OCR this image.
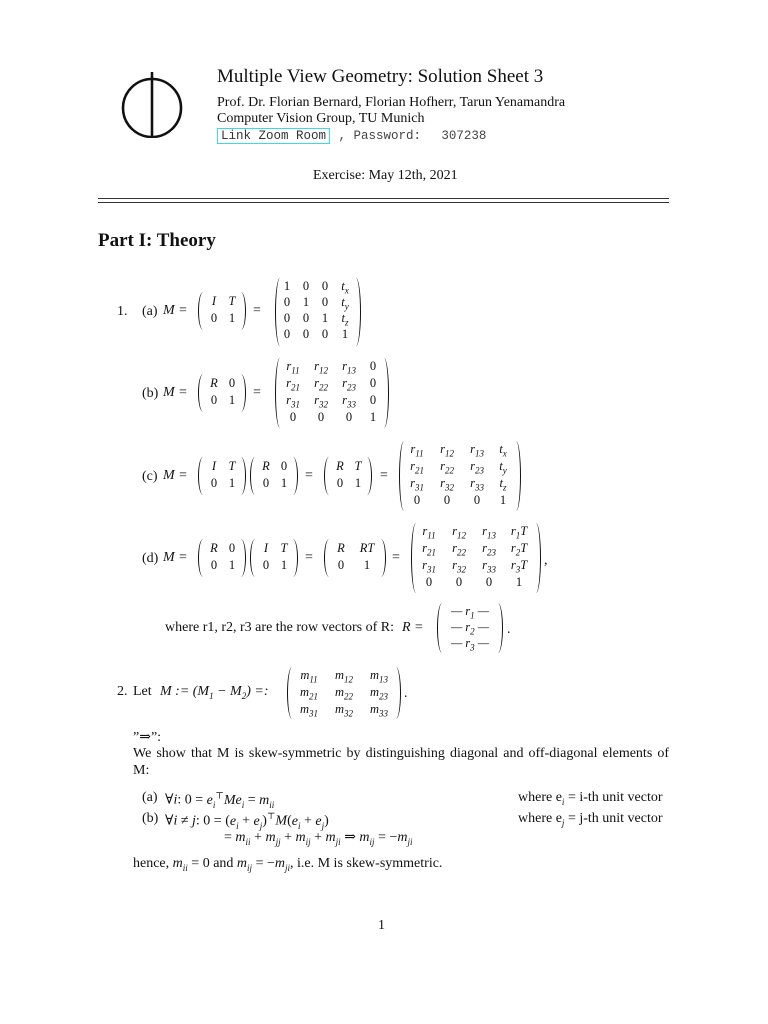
Multiple View Geometry: Solution Sheet 3
Prof. Dr. Florian Bernard, Florian Hofherr, Tarun Yenamandra
Computer Vision Group, TU Munich
Link Zoom Room , Password: 307238
Exercise: May 12th, 2021
Part I: Theory
1. (a) M =
I T
0 1	=
1	0	0	$t_x$
0	1	0	$t_y$
0	0	1	$t_z$
0	0	0	1
(b) M =
R 0
0 1	=
$r_{11}$	$r_{12}$	$r_{13}$	0
$r_{21}$	$r_{22}$	$r_{23}$	0
$r_{31}$	$r_{32}$	$r_{33}$	0
0	0	0	1
(c) M =
I T
0 1
R 0
0 1	=
R T
0 1	=
$r_{11}$	$r_{12}$	$r_{13}$	$t_x$
$r_{21}$	$r_{22}$	$r_{23}$	$t_y$
$r_{31}$	$r_{32}$	$r_{33}$	$t_z$
0	0	0	1
(d) M =
R 0
0 1
I T
0 1	=
R	RT
0	1	=
$r_{11}$	$r_{12}$	$r_{13}$	$r_1T$
$r_{21}$	$r_{22}$	$r_{23}$	$r_2T$
$r_{31}$	$r_{32}$	$r_{33}$	$r_3T$
0	0	0	1
,
where r1, r2, r3 are the row vectors of R: R =
— $r_1$ —
— $r_2$ —
— $r_3$ —
.
2. Let M := $(M_1 - M_2)$ =:
$m_{11}$	$m_{12}$	$m_{13}$
$m_{21}$	$m_{22}$	$m_{23}$
$m_{31}$	$m_{32}$	$m_{33}$
.
”⇒”:
We show that M is skew-symmetric by distinguishing diagonal and off-diagonal elements of M:
(a) ∀i: $0 = e_i^⊤Me_i = m_{ii}$	where $e_i = i-th$ unit vector
(b) ∀i ≠ j: $0 = (e_i + e_j)^⊤M(e_i + e_j)$	where $e_j = j-th$ unit vector
= $m_{ii} + m_{jj} + m_{ij} + m_{ji}$ ⇒ $m_{ij} = -m_{ji}$
hence, $m_{ii} = 0$ and $m_{ij} = -m_{ji}$, i.e. M is skew-symmetric.
1
